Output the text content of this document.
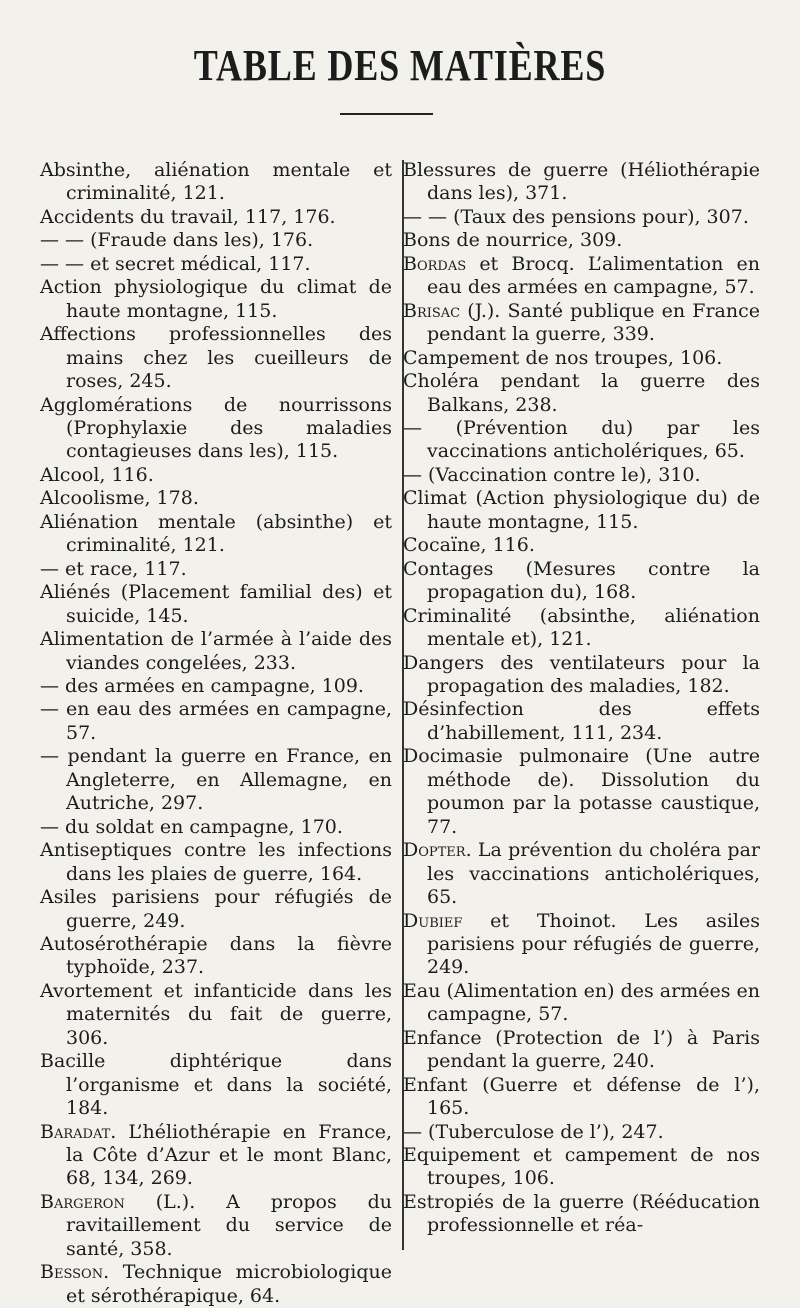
TABLE DES MATIÈRES

Absinthe, aliénation mentale et criminalité, 121.

Accidents du travail, 117, 176.

— — (Fraude dans les), 176.

— — et secret médical, 117.

Action physiologique du climat de haute montagne, 115.

Affections professionnelles des mains chez les cueilleurs de roses, 245.

Agglomérations de nourrissons (Prophylaxie des maladies contagieuses dans les), 115.

Alcool, 116.

Alcoolisme, 178.

Aliénation mentale (absinthe) et criminalité, 121.

— et race, 117.

Aliénés (Placement familial des) et suicide, 145.

Alimentation de l’armée à l’aide des viandes congelées, 233.

— des armées en campagne, 109.

— en eau des armées en campagne, 57.

— pendant la guerre en France, en Angleterre, en Allemagne, en Autriche, 297.

— du soldat en campagne, 170.

Antiseptiques contre les infections dans les plaies de guerre, 164.

Asiles parisiens pour réfugiés de guerre, 249.

Autosérothérapie dans la fièvre typhoïde, 237.

Avortement et infanticide dans les maternités du fait de guerre, 306.

Bacille diphtérique dans l’organisme et dans la société, 184.

Baradat. L’héliothérapie en France, la Côte d’Azur et le mont Blanc, 68, 134, 269.

Bargeron (L.). A propos du ravitaillement du service de santé, 358.

Besson. Technique microbiologique et sérothérapique, 64.

Blessures de guerre (Héliothérapie dans les), 371.

— — (Taux des pensions pour), 307.

Bons de nourrice, 309.

Bordas et Brocq. L’alimentation en eau des armées en campagne, 57.

Brisac (J.). Santé publique en France pendant la guerre, 339.

Campement de nos troupes, 106.

Choléra pendant la guerre des Balkans, 238.

— (Prévention du) par les vaccinations anticholériques, 65.

— (Vaccination contre le), 310.

Climat (Action physiologique du) de haute montagne, 115.

Cocaïne, 116.

Contages (Mesures contre la propagation du), 168.

Criminalité (absinthe, aliénation mentale et), 121.

Dangers des ventilateurs pour la propagation des maladies, 182.

Désinfection des effets d’habillement, 111, 234.

Docimasie pulmonaire (Une autre méthode de). Dissolution du poumon par la potasse caustique, 77.

Dopter. La prévention du choléra par les vaccinations anticholériques, 65.

Dubief et Thoinot. Les asiles parisiens pour réfugiés de guerre, 249.

Eau (Alimentation en) des armées en campagne, 57.

Enfance (Protection de l’) à Paris pendant la guerre, 240.

Enfant (Guerre et défense de l’), 165.

— (Tuberculose de l’), 247.

Equipement et campement de nos troupes, 106.

Estropiés de la guerre (Rééducation professionnelle et réa-
